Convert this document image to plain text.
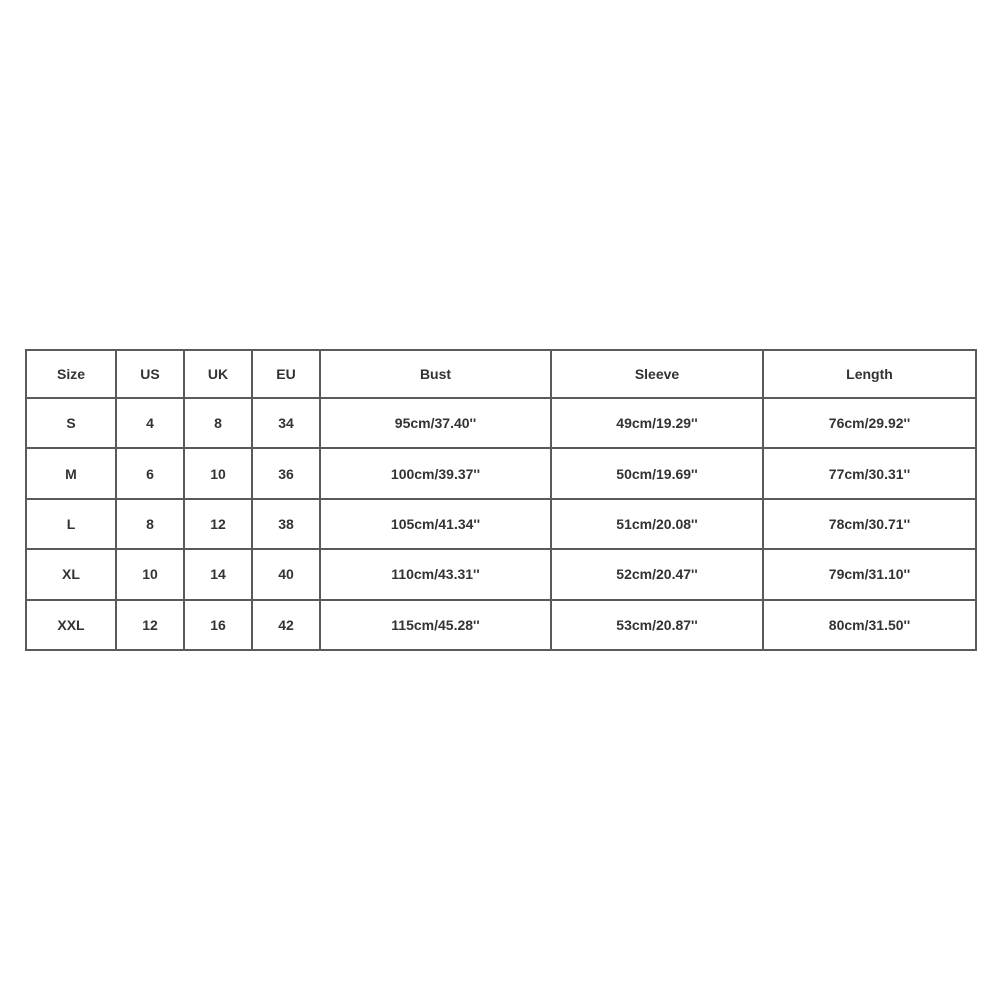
Size	US	UK	EU	Bust	Sleeve	Length
S	4	8	34	95cm/37.40''	49cm/19.29''	76cm/29.92''
M	6	10	36	100cm/39.37''	50cm/19.69''	77cm/30.31''
L	8	12	38	105cm/41.34''	51cm/20.08''	78cm/30.71''
XL	10	14	40	110cm/43.31''	52cm/20.47''	79cm/31.10''
XXL	12	16	42	115cm/45.28''	53cm/20.87''	80cm/31.50''
